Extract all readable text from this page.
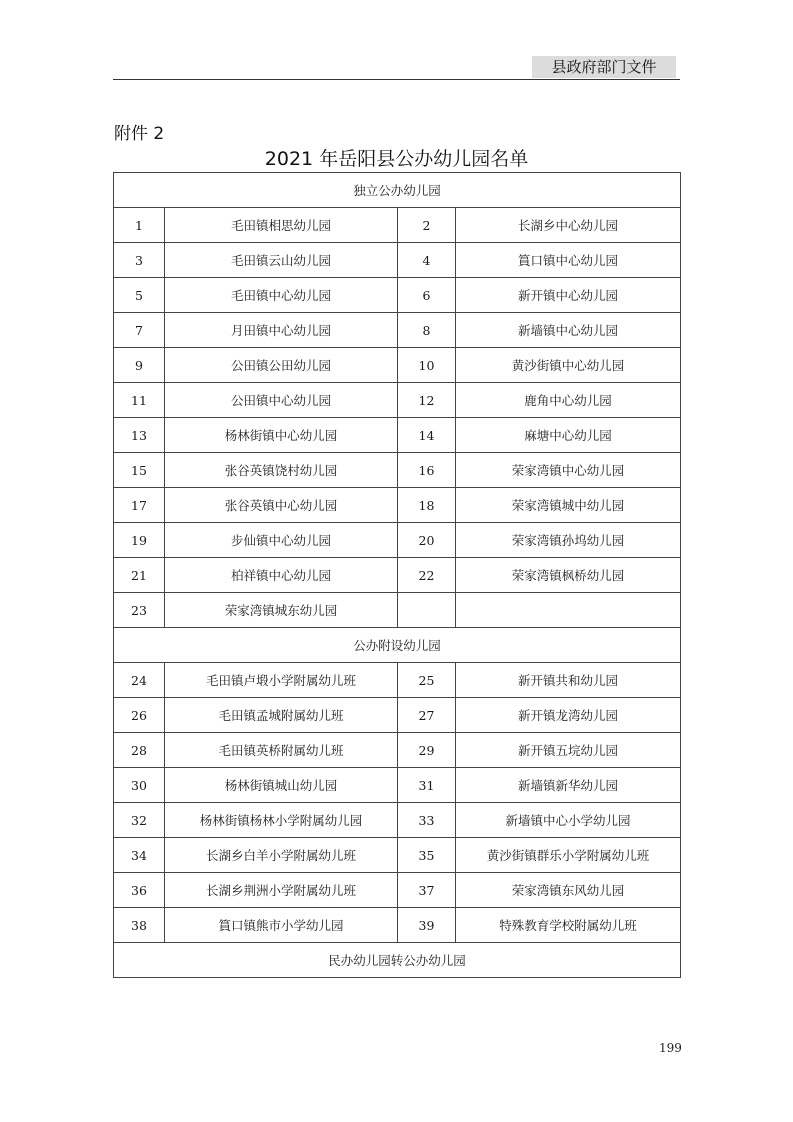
县政府部门文件
附件 2
2021 年岳阳县公办幼儿园名单
独立公办幼儿园			
1	毛田镇相思幼儿园	2	长湖乡中心幼儿园
3	毛田镇云山幼儿园	4	篔口镇中心幼儿园
5	毛田镇中心幼儿园	6	新开镇中心幼儿园
7	月田镇中心幼儿园	8	新墙镇中心幼儿园
9	公田镇公田幼儿园	10	黄沙街镇中心幼儿园
11	公田镇中心幼儿园	12	鹿角中心幼儿园
13	杨林街镇中心幼儿园	14	麻塘中心幼儿园
15	张谷英镇饶村幼儿园	16	荣家湾镇中心幼儿园
17	张谷英镇中心幼儿园	18	荣家湾镇城中幼儿园
19	步仙镇中心幼儿园	20	荣家湾镇孙坞幼儿园
21	柏祥镇中心幼儿园	22	荣家湾镇枫桥幼儿园
23	荣家湾镇城东幼儿园		
公办附设幼儿园			
24	毛田镇卢塅小学附属幼儿班	25	新开镇共和幼儿园
26	毛田镇孟城附属幼儿班	27	新开镇龙湾幼儿园
28	毛田镇英桥附属幼儿班	29	新开镇五垸幼儿园
30	杨林街镇城山幼儿园	31	新墙镇新华幼儿园
32	杨林街镇杨林小学附属幼儿园	33	新墙镇中心小学幼儿园
34	长湖乡白羊小学附属幼儿班	35	黄沙街镇群乐小学附属幼儿班
36	长湖乡荆洲小学附属幼儿班	37	荣家湾镇东风幼儿园
38	篔口镇熊市小学幼儿园	39	特殊教育学校附属幼儿班
民办幼儿园转公办幼儿园			
199
